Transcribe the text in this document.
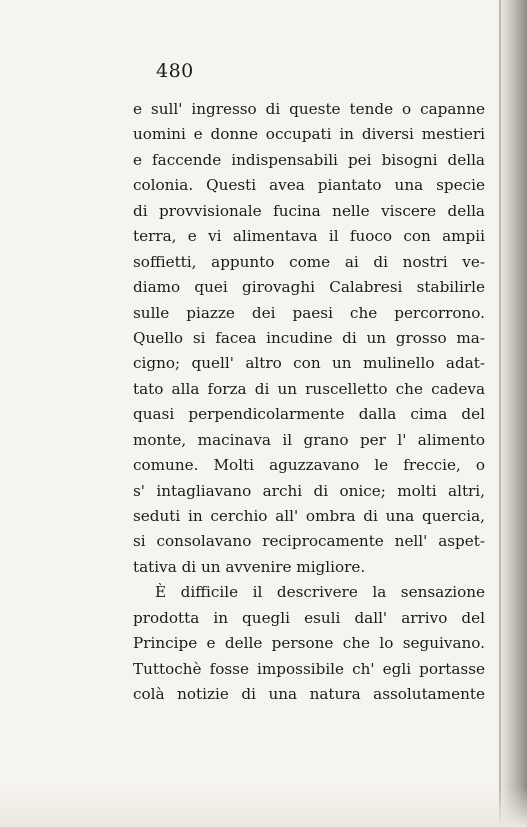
480
e sull' ingresso di queste tende o capanne
uomini e donne occupati in diversi mestieri
e faccende indispensabili pei bisogni della
colonia. Questi avea piantato una specie
di provvisionale fucina nelle viscere della
terra, e vi alimentava il fuoco con ampii
soffietti, appunto come ai di nostri ve-
diamo quei girovaghi Calabresi stabilirle
sulle piazze dei paesi che percorrono.
Quello si facea incudine di un grosso ma-
cigno; quell' altro con un mulinello adat-
tato alla forza di un ruscelletto che cadeva
quasi perpendicolarmente dalla cima del
monte, macinava il grano per l' alimento
comune. Molti aguzzavano le freccie, o
s' intagliavano archi di onice; molti altri,
seduti in cerchio all' ombra di una quercia,
si consolavano reciprocamente nell' aspet-
tativa di un avvenire migliore.
È difficile il descrivere la sensazione
prodotta in quegli esuli dall' arrivo del
Principe e delle persone che lo seguivano.
Tuttochè fosse impossibile ch' egli portasse
colà notizie di una natura assolutamente
